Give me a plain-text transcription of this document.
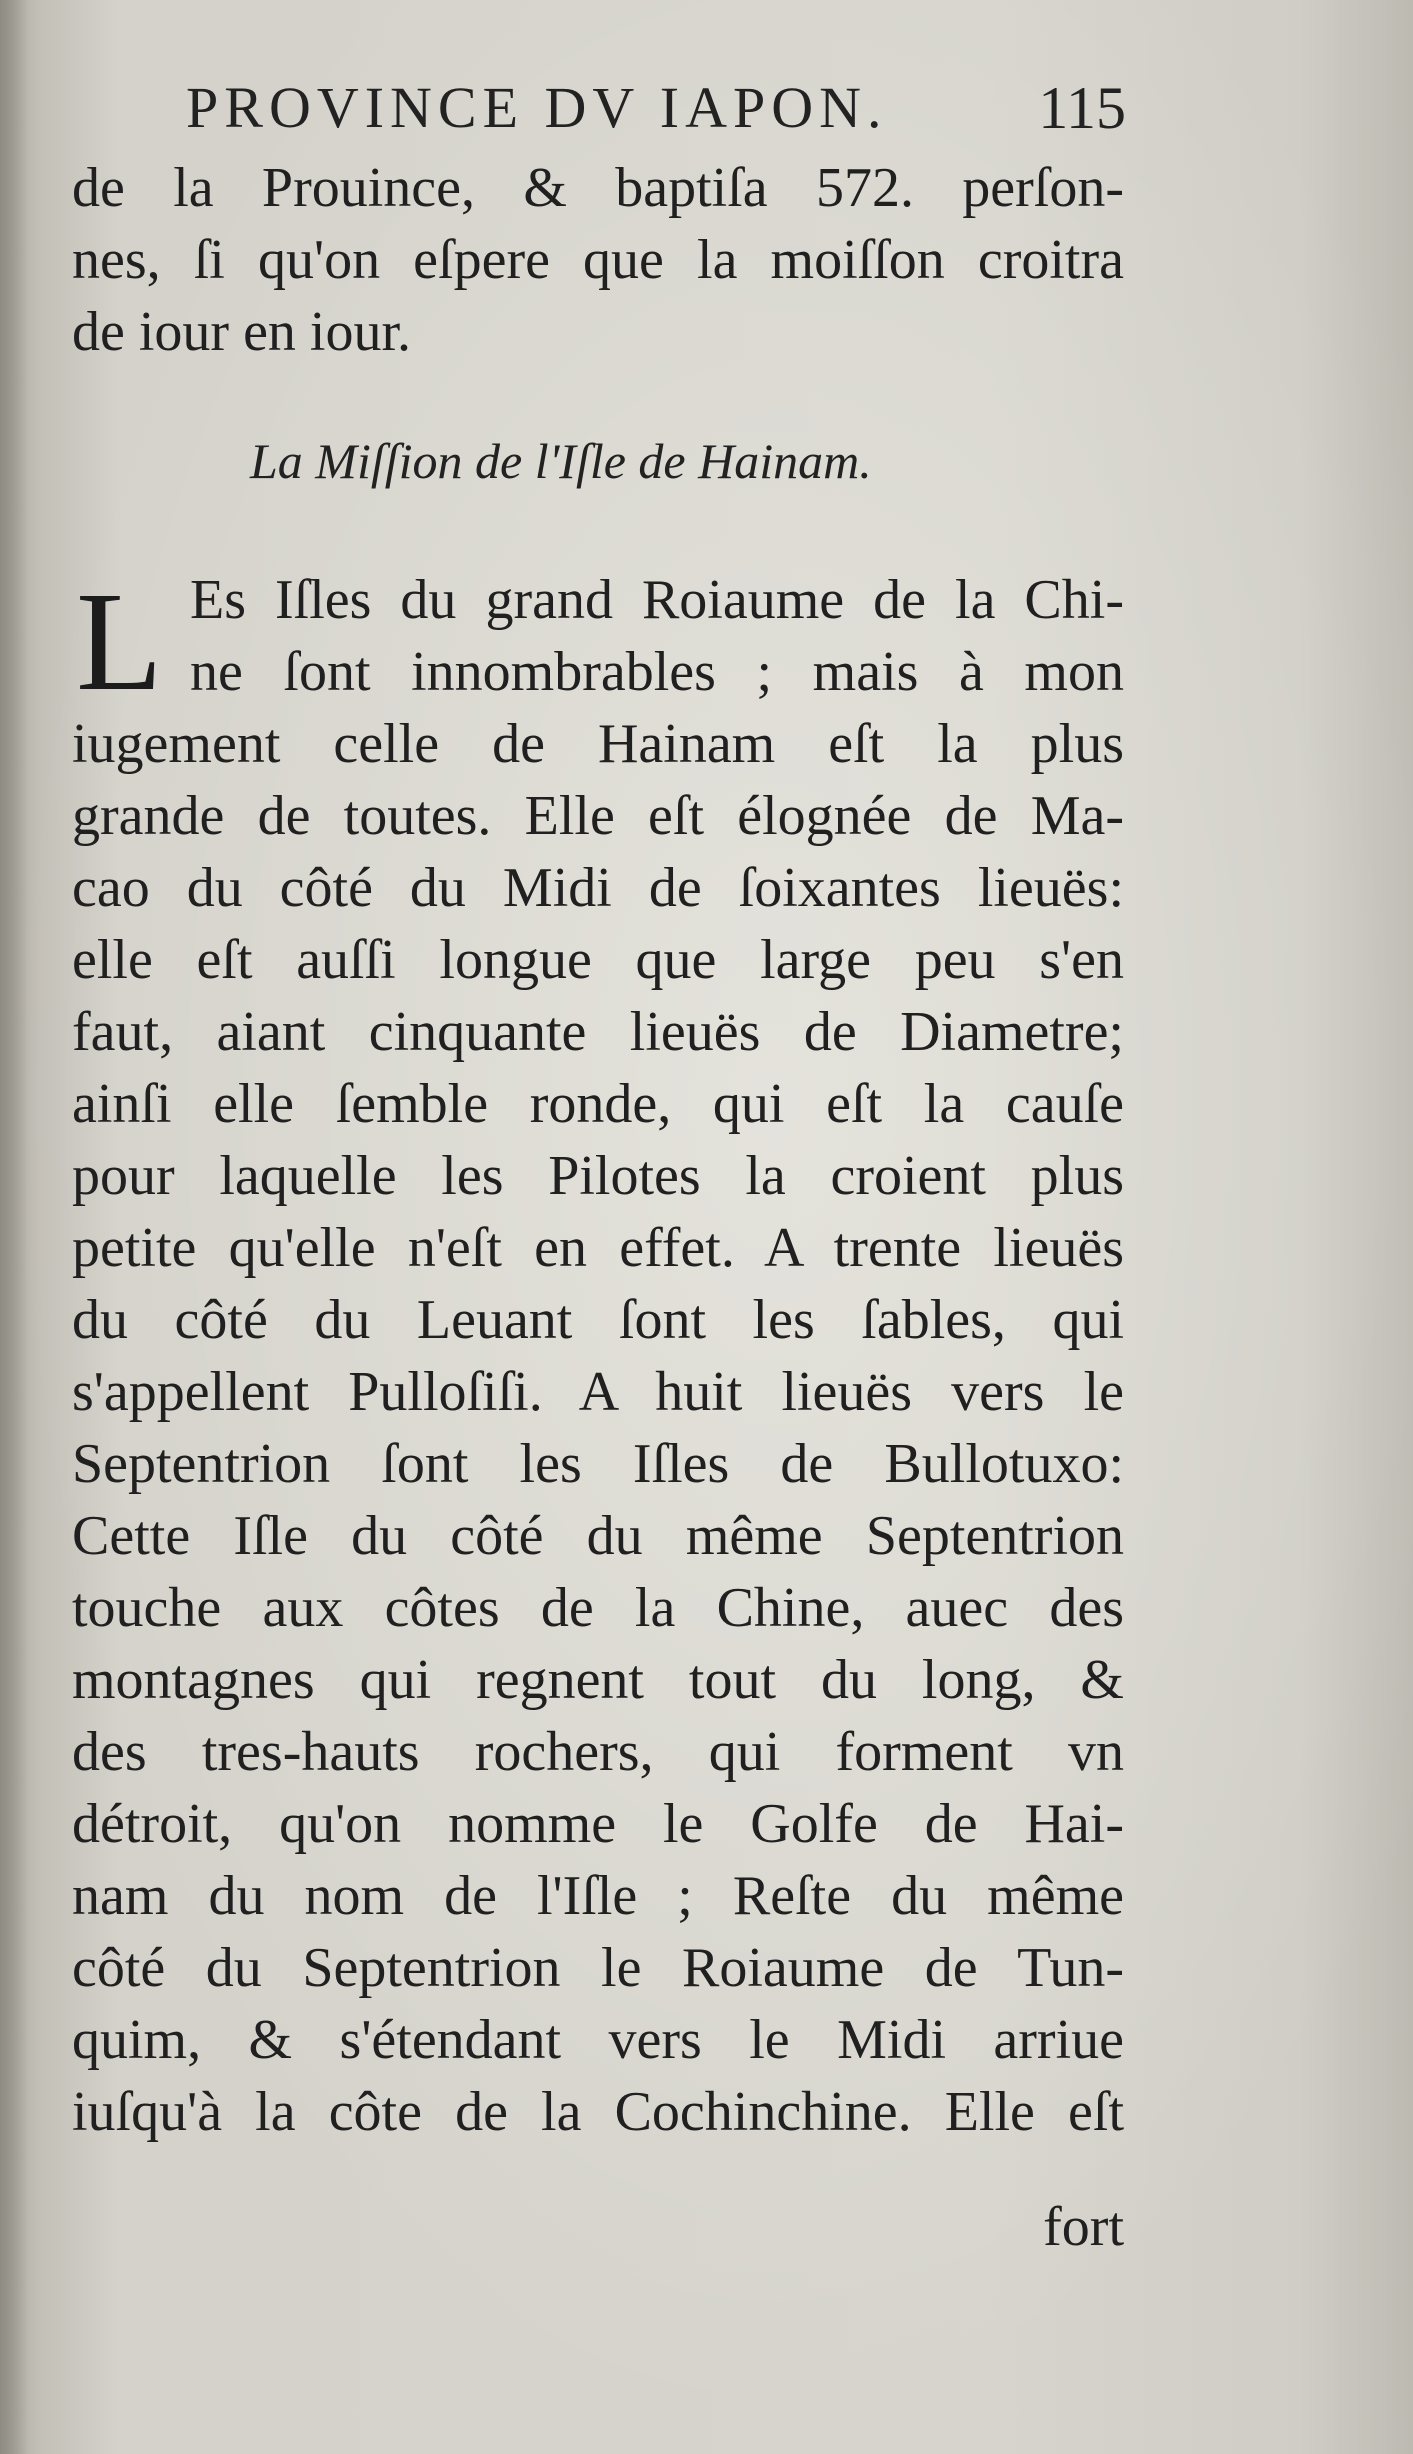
PROVINCE DV IAPON.	115
de la Prouince, & baptiſa 572. perſon-
nes, ſi qu'on eſpere que la moiſſon croitra
de iour en iour.
La Miſſion de l'Iſle de Hainam.
L Es Iſles du grand Roiaume de la Chi-
ne ſont innombrables ; mais à mon
iugement celle de Hainam eſt la plus
grande de toutes. Elle eſt élognée de Ma-
cao du côté du Midi de ſoixantes lieuës:
elle eſt auſſi longue que large peu s'en
faut, aiant cinquante lieuës de Diametre;
ainſi elle ſemble ronde, qui eſt la cauſe
pour laquelle les Pilotes la croient plus
petite qu'elle n'eſt en effet. A trente lieuës
du côté du Leuant ſont les ſables, qui
s'appellent Pulloſiſi. A huit lieuës vers le
Septentrion ſont les Iſles de Bullotuxo:
Cette Iſle du côté du même Septentrion
touche aux côtes de la Chine, auec des
montagnes qui regnent tout du long, &
des tres-hauts rochers, qui forment vn
détroit, qu'on nomme le Golfe de Hai-
nam du nom de l'Iſle ; Reſte du même
côté du Septentrion le Roiaume de Tun-
quim, & s'étendant vers le Midi arriue
iuſqu'à la côte de la Cochinchine. Elle eſt
fort
